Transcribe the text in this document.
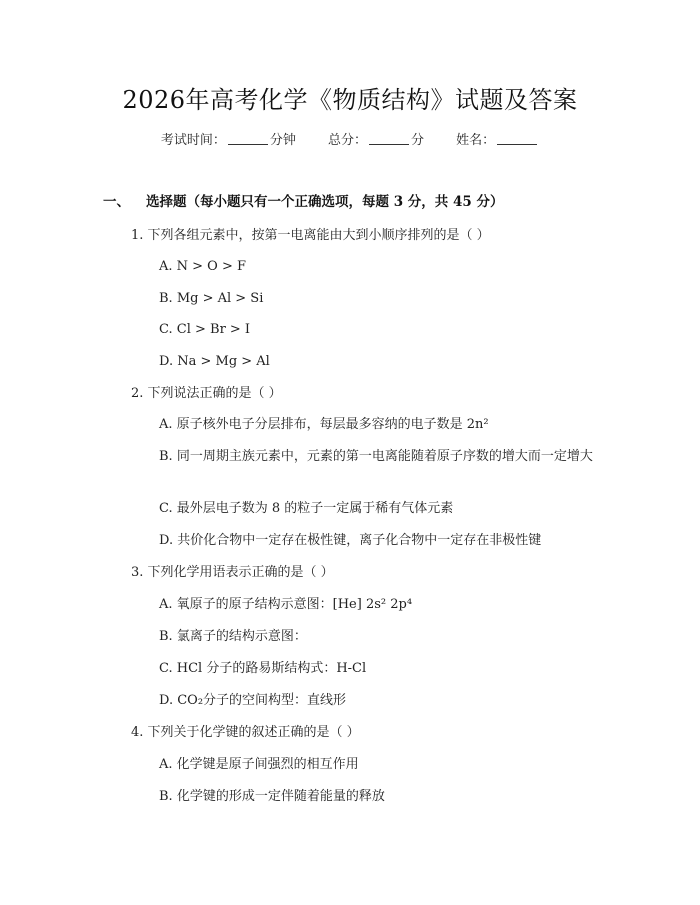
2026年高考化学《物质结构》试题及答案
考试时间：	分钟 总分：	分 姓名：
一、 选择题（每小题只有一个正确选项，每题 3 分，共 45 分）
1. 下列各组元素中，按第一电离能由大到小顺序排列的是（ ）
A. N > O > F
B. Mg > Al > Si
C. Cl > Br > I
D. Na > Mg > Al
2. 下列说法正确的是（ ）
A. 原子核外电子分层排布，每层最多容纳的电子数是 2n²
B. 同一周期主族元素中，元素的第一电离能随着原子序数的增大而一定增大
C. 最外层电子数为 8 的粒子一定属于稀有气体元素
D. 共价化合物中一定存在极性键，离子化合物中一定存在非极性键
3. 下列化学用语表示正确的是（ ）
A. 氧原子的原子结构示意图：[He] 2s² 2p⁴
B. 氯离子的结构示意图：
C. HCl 分子的路易斯结构式：H-Cl
D. CO₂分子的空间构型：直线形
4. 下列关于化学键的叙述正确的是（ ）
A. 化学键是原子间强烈的相互作用
B. 化学键的形成一定伴随着能量的释放
